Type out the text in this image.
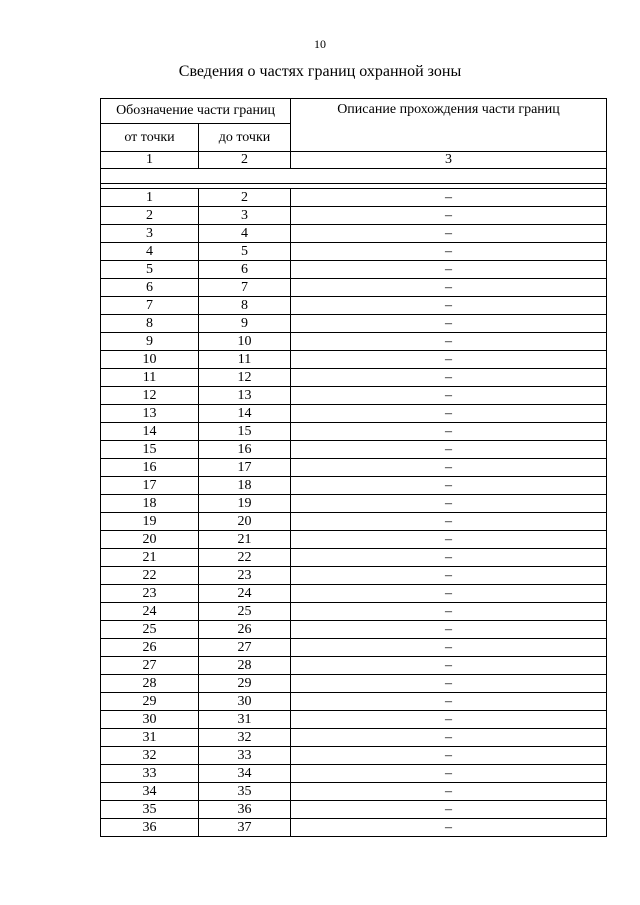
10
Сведения о частях границ охранной зоны
Обозначение части границ		Описание прохождения части границ
от точки	до точки	
1	2	3

1	2	–
2	3	–
3	4	–
4	5	–
5	6	–
6	7	–
7	8	–
8	9	–
9	10	–
10	11	–
11	12	–
12	13	–
13	14	–
14	15	–
15	16	–
16	17	–
17	18	–
18	19	–
19	20	–
20	21	–
21	22	–
22	23	–
23	24	–
24	25	–
25	26	–
26	27	–
27	28	–
28	29	–
29	30	–
30	31	–
31	32	–
32	33	–
33	34	–
34	35	–
35	36	–
36	37	–
